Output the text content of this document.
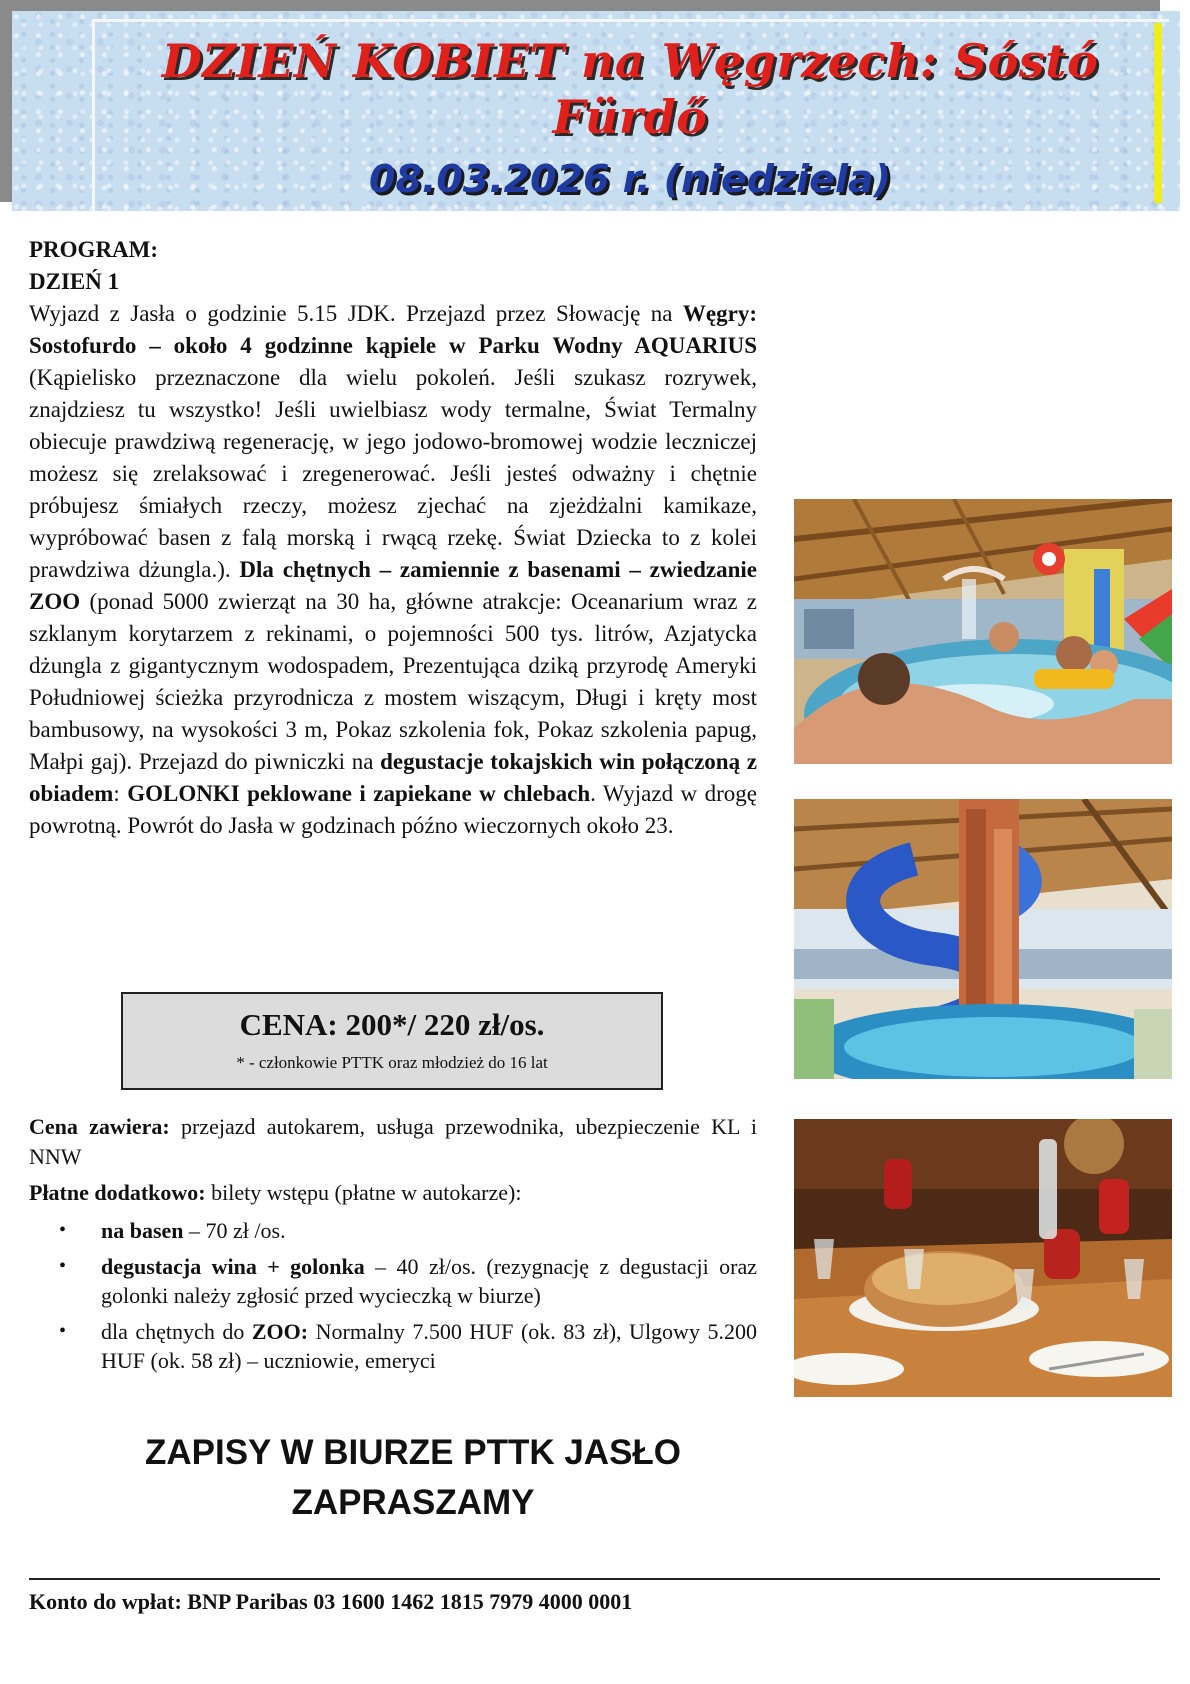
DZIEŃ KOBIET na Węgrzech: Sóstó Fürdő
08.03.2026 r. (niedziela)

PROGRAM:

DZIEŃ 1

Wyjazd z Jasła o godzinie 5.15 JDK. Przejazd przez Słowację na Węgry: Sostofurdo – około 4 godzinne kąpiele w Parku Wodny AQUARIUS (Kąpielisko przeznaczone dla wielu pokoleń. Jeśli szukasz rozrywek, znajdziesz tu wszystko! Jeśli uwielbiasz wody termalne, Świat Termalny obiecuje prawdziwą regenerację, w jego jodowo-bromowej wodzie leczniczej możesz się zrelaksować i zregenerować. Jeśli jesteś odważny i chętnie próbujesz śmiałych rzeczy, możesz zjechać na zjeżdżalni kamikaze, wypróbować basen z falą morską i rwącą rzekę. Świat Dziecka to z kolei prawdziwa dżungla.). Dla chętnych – zamiennie z basenami – zwiedzanie ZOO (ponad 5000 zwierząt na 30 ha, główne atrakcje: Oceanarium wraz z szklanym korytarzem z rekinami, o pojemności 500 tys. litrów, Azjatycka dżungla z gigantycznym wodospadem, Prezentująca dziką przyrodę Ameryki Południowej ścieżka przyrodnicza z mostem wiszącym, Długi i kręty most bambusowy, na wysokości 3 m, Pokaz szkolenia fok, Pokaz szkolenia papug, Małpi gaj). Przejazd do piwniczki na degustacje tokajskich win połączoną z obiadem: GOLONKI peklowane i zapiekane w chlebach. Wyjazd w drogę powrotną. Powrót do Jasła w godzinach późno wieczornych około 23.

CENA: 200*/ 220 zł/os.
* - członkowie PTTK oraz młodzież do 16 lat

Cena zawiera: przejazd autokarem, usługa przewodnika, ubezpieczenie KL i NNW

Płatne dodatkowo: bilety wstępu (płatne w autokarze):

• na basen – 70 zł /os.
• degustacja wina + golonka – 40 zł/os. (rezygnację z degustacji oraz golonki należy zgłosić przed wycieczką w biurze)
• dla chętnych do ZOO: Normalny 7.500 HUF (ok. 83 zł), Ulgowy 5.200 HUF (ok. 58 zł) – uczniowie, emeryci
ZAPISY W BIURZE PTTK JASŁO
ZAPRASZAMY
Konto do wpłat: BNP Paribas 03 1600 1462 1815 7979 4000 0001
